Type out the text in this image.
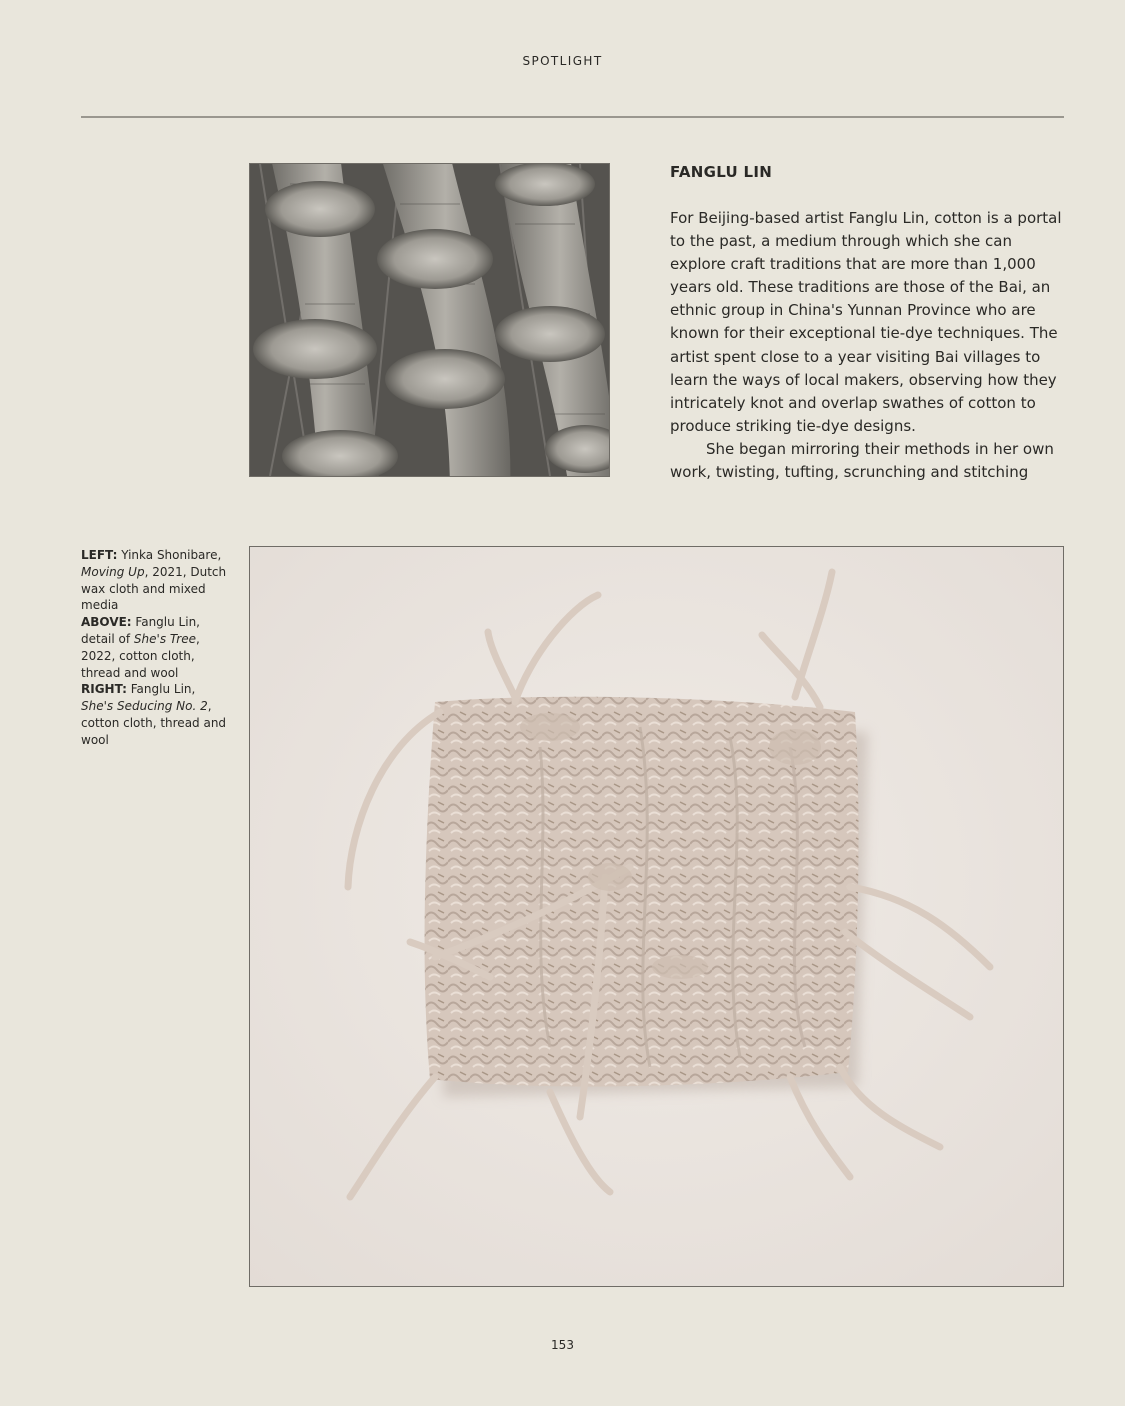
SPOTLIGHT
FANGLU LIN

For Beijing-based artist Fanglu Lin, cotton is a portal to the past, a medium through which she can explore craft traditions that are more than 1,000 years old. These traditions are those of the Bai, an ethnic group in China's Yunnan Province who are known for their exceptional tie-dye techniques. The artist spent close to a year visiting Bai villages to learn the ways of local makers, observing how they intricately knot and overlap swathes of cotton to produce striking tie-dye designs.

She began mirroring their methods in her own work, twisting, tufting, scrunching and stitching

LEFT: Yinka Shonibare, Moving Up, 2021, Dutch wax cloth and mixed media
ABOVE: Fanglu Lin, detail of She's Tree, 2022, cotton cloth, thread and wool
RIGHT: Fanglu Lin, She's Seducing No. 2, cotton cloth, thread and wool
153
